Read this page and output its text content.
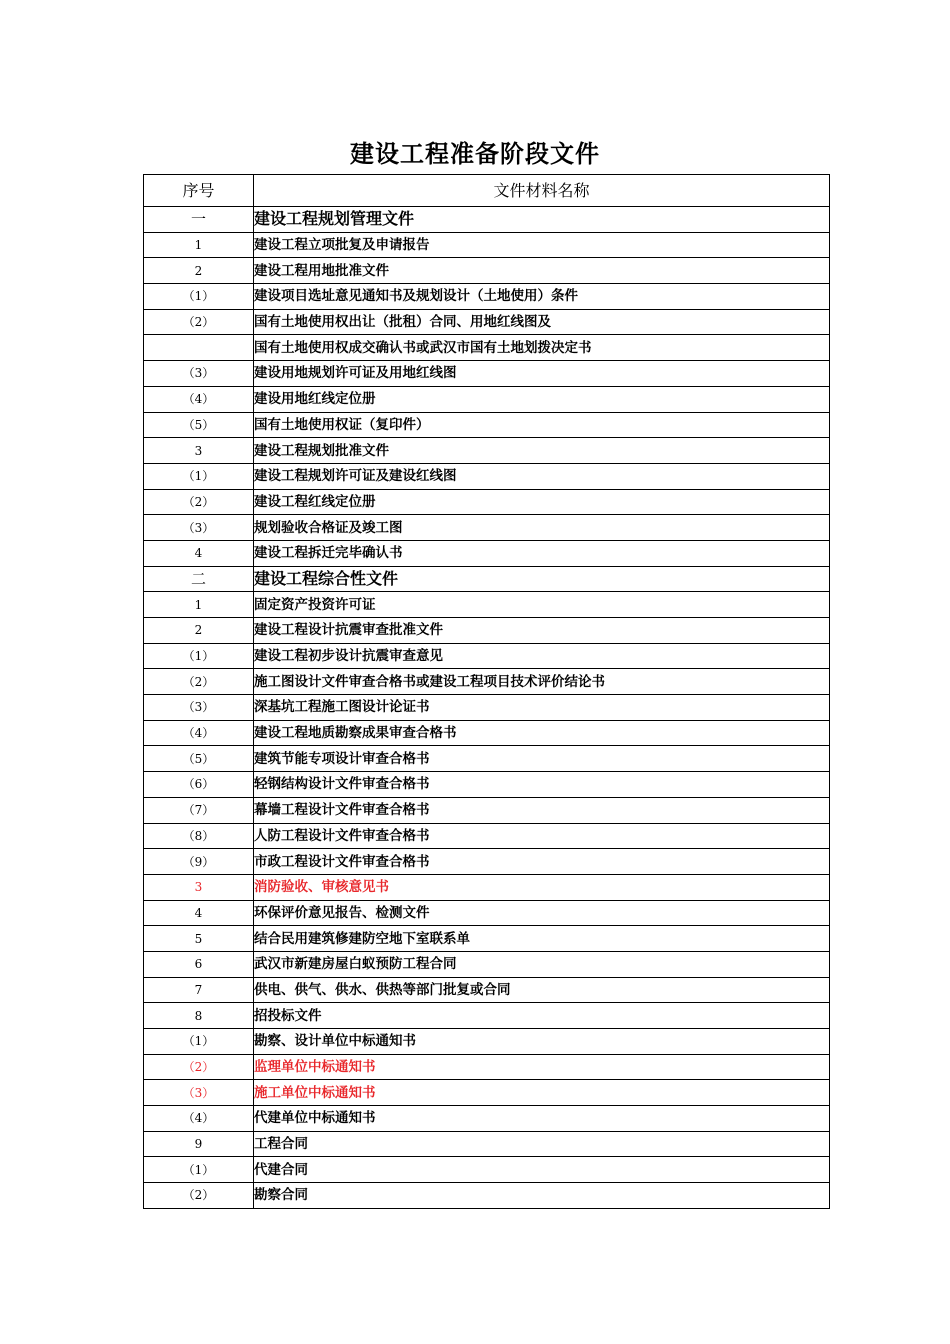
建设工程准备阶段文件
序号	文件材料名称
一	建设工程规划管理文件
1	建设工程立项批复及申请报告
2	建设工程用地批准文件
（1）	建设项目选址意见通知书及规划设计（土地使用）条件
（2）	国有土地使用权出让（批租）合同、用地红线图及
	国有土地使用权成交确认书或武汉市国有土地划拨决定书
（3）	建设用地规划许可证及用地红线图
（4）	建设用地红线定位册
（5）	国有土地使用权证（复印件）
3	建设工程规划批准文件
（1）	建设工程规划许可证及建设红线图
（2）	建设工程红线定位册
（3）	规划验收合格证及竣工图
4	建设工程拆迁完毕确认书
二	建设工程综合性文件
1	固定资产投资许可证
2	建设工程设计抗震审查批准文件
（1）	建设工程初步设计抗震审查意见
（2）	施工图设计文件审查合格书或建设工程项目技术评价结论书
（3）	深基坑工程施工图设计论证书
（4）	建设工程地质勘察成果审查合格书
（5）	建筑节能专项设计审查合格书
（6）	轻钢结构设计文件审查合格书
（7）	幕墙工程设计文件审查合格书
（8）	人防工程设计文件审查合格书
（9）	市政工程设计文件审查合格书
3	消防验收、审核意见书
4	环保评价意见报告、检测文件
5	结合民用建筑修建防空地下室联系单
6	武汉市新建房屋白蚁预防工程合同
7	供电、供气、供水、供热等部门批复或合同
8	招投标文件
（1）	勘察、设计单位中标通知书
（2）	监理单位中标通知书
（3）	施工单位中标通知书
（4）	代建单位中标通知书
9	工程合同
（1）	代建合同
（2）	勘察合同
